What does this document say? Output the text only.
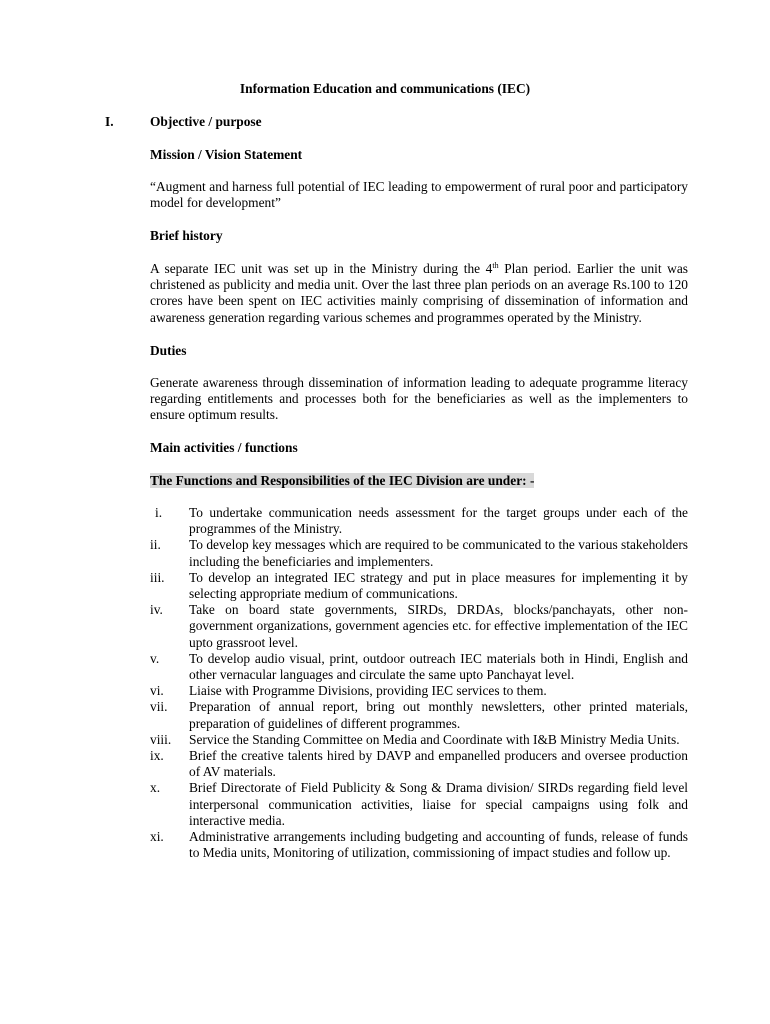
Information Education and communications (IEC)
I.	Objective / purpose
Mission / Vision Statement
“Augment and harness full potential of IEC leading to empowerment of rural poor and participatory model for development”
Brief history
A separate IEC unit was set up in the Ministry during the 4th Plan period. Earlier the unit was christened as publicity and media unit. Over the last three plan periods on an average Rs.100 to 120 crores have been spent on IEC activities mainly comprising of dissemination of information and awareness generation regarding various schemes and programmes operated by the Ministry.
Duties
Generate awareness through dissemination of information leading to adequate programme literacy regarding entitlements and processes both for the beneficiaries as well as the implementers to ensure optimum results.
Main activities / functions
The Functions and Responsibilities of the IEC Division are under: -
i. To undertake communication needs assessment for the target groups under each of the programmes of the Ministry.
ii. To develop key messages which are required to be communicated to the various stakeholders including the beneficiaries and implementers.
iii. To develop an integrated IEC strategy and put in place measures for implementing it by selecting appropriate medium of communications.
iv. Take on board state governments, SIRDs, DRDAs, blocks/panchayats, other non-government organizations, government agencies etc. for effective implementation of the IEC upto grassroot level.
v. To develop audio visual, print, outdoor outreach IEC materials both in Hindi, English and other vernacular languages and circulate the same upto Panchayat level.
vi. Liaise with Programme Divisions, providing IEC services to them.
vii. Preparation of annual report, bring out monthly newsletters, other printed materials, preparation of guidelines of different programmes.
viii. Service the Standing Committee on Media and Coordinate with I&B Ministry Media Units.
ix. Brief the creative talents hired by DAVP and empanelled producers and oversee production of AV materials.
x. Brief Directorate of Field Publicity & Song & Drama division/ SIRDs regarding field level interpersonal communication activities, liaise for special campaigns using folk and interactive media.
xi. Administrative arrangements including budgeting and accounting of funds, release of funds to Media units, Monitoring of utilization, commissioning of impact studies and follow up.
